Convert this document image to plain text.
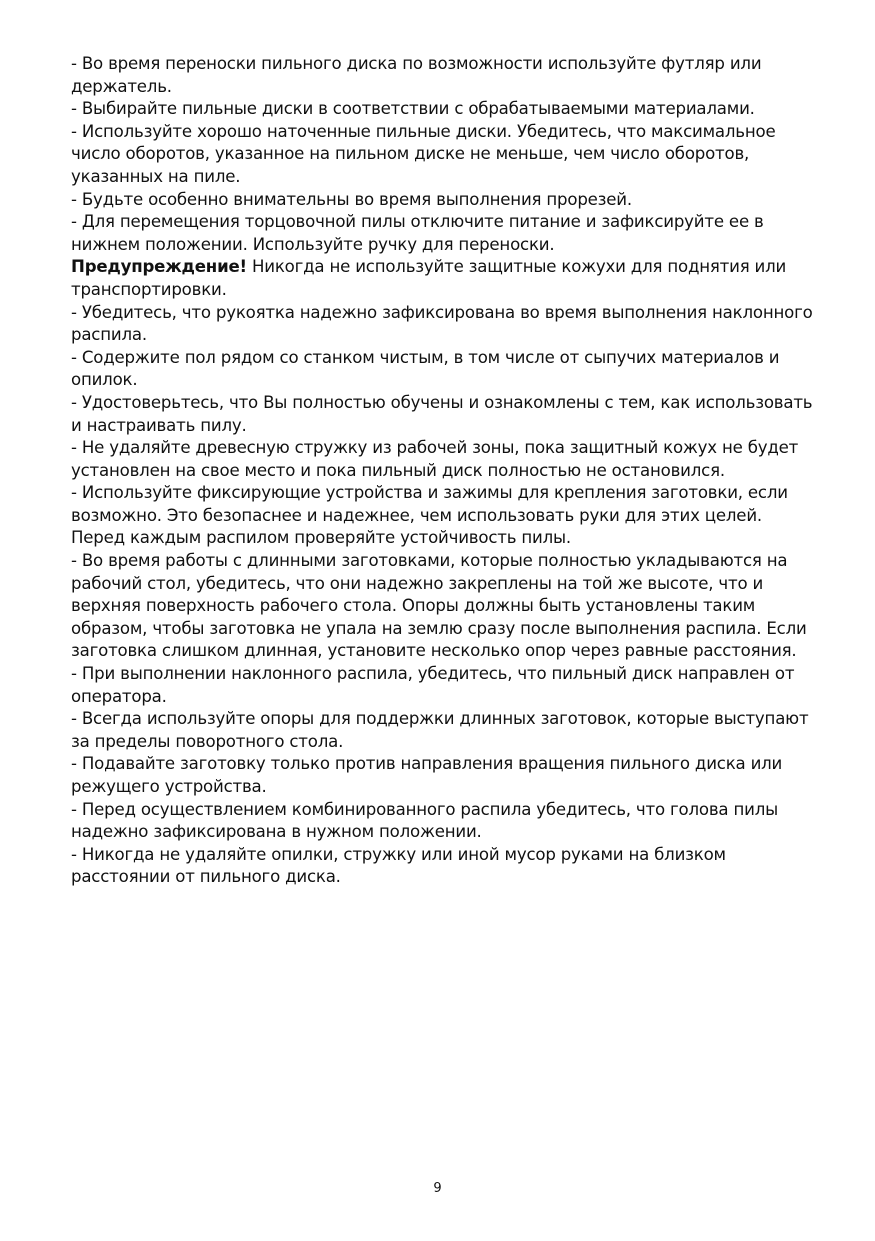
- Во время переноски пильного диска по возможности используйте футляр или держатель.

- Выбирайте пильные диски в соответствии с обрабатываемыми материалами.

- Используйте хорошо наточенные пильные диски. Убедитесь, что максимальное число оборотов, указанное на пильном диске не меньше, чем число оборотов, указанных на пиле.

- Будьте особенно внимательны во время выполнения прорезей.

- Для перемещения торцовочной пилы отключите питание и зафиксируйте ее в нижнем положении. Используйте ручку для переноски.

Предупреждение! Никогда не используйте защитные кожухи для поднятия или транспортировки.

- Убедитесь, что рукоятка надежно зафиксирована во время выполнения наклонного распила.

- Содержите пол рядом со станком чистым, в том числе от сыпучих материалов и опилок.

- Удостоверьтесь, что Вы полностью обучены и ознакомлены с тем, как использовать и настраивать пилу.

- Не удаляйте древесную стружку из рабочей зоны, пока защитный кожух не будет установлен на свое место и пока пильный диск полностью не остановился.

- Используйте фиксирующие устройства и зажимы для крепления заготовки, если возможно. Это безопаснее и надежнее, чем использовать руки для этих целей. Перед каждым распилом проверяйте устойчивость пилы.

- Во время работы с длинными заготовками, которые полностью укладываются на рабочий стол, убедитесь, что они надежно закреплены на той же высоте, что и верхняя поверхность рабочего стола. Опоры должны быть установлены таким образом, чтобы заготовка не упала на землю сразу после выполнения распила. Если заготовка слишком длинная, установите несколько опор через равные расстояния.

- При выполнении наклонного распила, убедитесь, что пильный диск направлен от оператора.

- Всегда используйте опоры для поддержки длинных заготовок, которые выступают за пределы поворотного стола.

- Подавайте заготовку только против направления вращения пильного диска или режущего устройства.

- Перед осуществлением комбинированного распила убедитесь, что голова пилы надежно зафиксирована в нужном положении.

- Никогда не удаляйте опилки, стружку или иной мусор руками на близком расстоянии от пильного диска.

9
